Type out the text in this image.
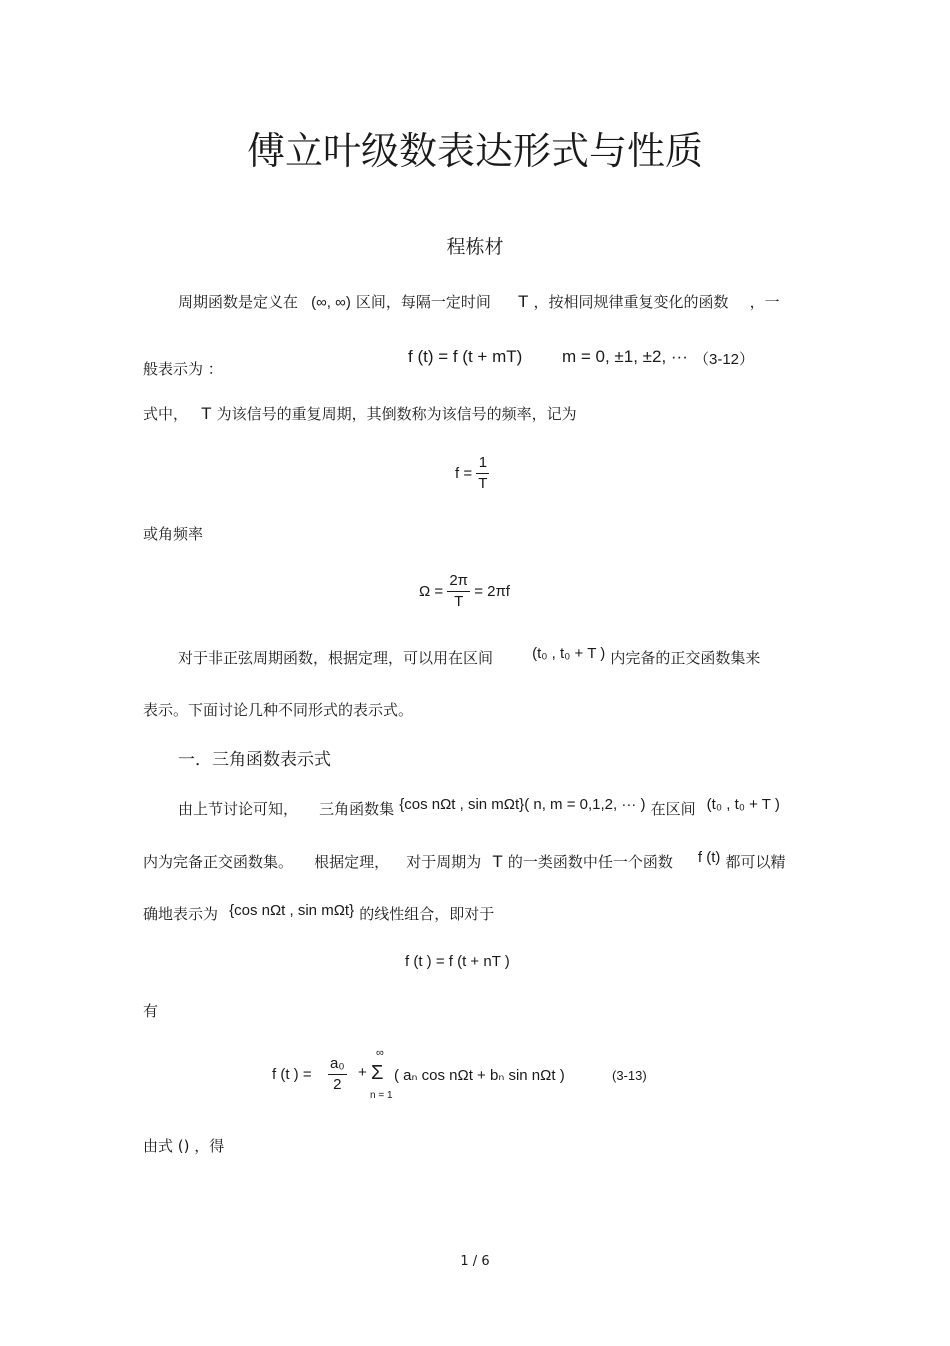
傅立叶级数表达形式与性质
程栋材
周期函数是定义在 (∞, ∞) 区间，每隔一定时间 T ，按相同规律重复变化的函数 ，一
般表示为 ：
f (t) = f (t + mT) m = 0, ±1, ±2, ··· （3-12）
式中， T 为该信号的重复周期，其倒数称为该信号的频率，记为
$f = \frac{1}{T}$
或角频率
$\Omega = \frac{2\pi}{T} = 2\pi f$
对于非正弦周期函数，根据定理，可以用在区间	(t₀ , t₀ + T ) 内完备的正交函数集来
表示。下面讨论几种不同形式的表示式。
一．三角函数表示式
由上节讨论可知， 三角函数集 {cos nΩt , sin mΩt}( n, m = 0,1,2, ··· ) 在区间 (t₀ , t₀ + T )
内为完备正交函数集。 根据定理， 对于周期为 T 的一类函数中任一个函数 f (t) 都可以精
确地表示为 {cos nΩt , sin mΩt} 的线性组合，即对于
f (t ) = f (t + nT )
有
f (t ) = $\frac{\text{a₀}}{2}$ +
∞
Σ
n = 1
( aₙ cos nΩt + bₙ sin nΩt )	(3-13)
由式 () ，得
1 / 6
